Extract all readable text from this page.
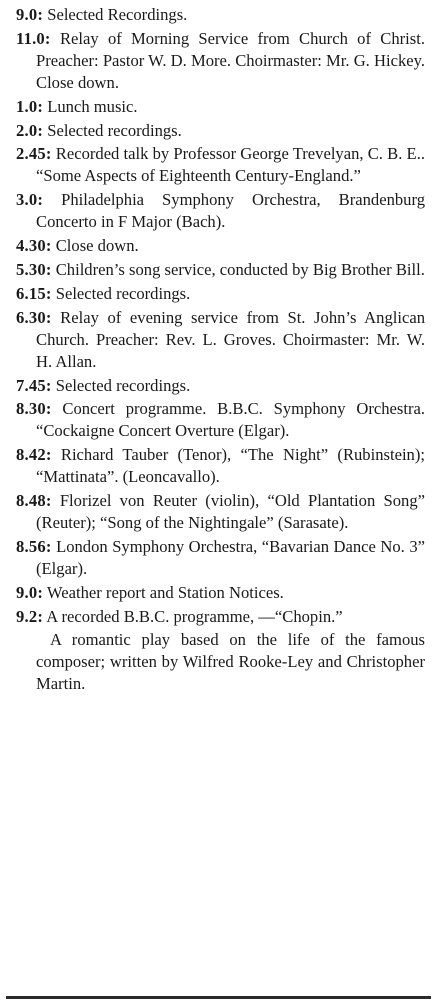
9.0: Selected Recordings.

11.0: Relay of Morning Service from Church of Christ. Preacher: Pastor W. D. More. Choirmaster: Mr. G. Hickey. Close down.

1.0: Lunch music.

2.0: Selected recordings.

2.45: Recorded talk by Professor George Trevelyan, C. B. E.. “Some Aspects of Eighteenth Century-England.”

3.0: Philadelphia Symphony Orchestra, Brandenburg Concerto in F Major (Bach).

4.30: Close down.

5.30: Children’s song service, conducted by Big Brother Bill.

6.15: Selected recordings.

6.30: Relay of evening service from St. John’s Anglican Church. Preacher: Rev. L. Groves. Choirmaster: Mr. W. H. Allan.

7.45: Selected recordings.

8.30: Concert programme. B.B.C. Symphony Orchestra. “Cockaigne Concert Overture (Elgar).

8.42: Richard Tauber (Tenor), “The Night” (Rubinstein); “Mattinata”. (Leoncavallo).

8.48: Florizel von Reuter (violin), “Old Plantation Song” (Reuter); “Song of the Nightingale” (Sarasate).

8.56: London Symphony Orchestra, “Bavarian Dance No. 3” (Elgar).

9.0: Weather report and Station Notices.

9.2: A recorded B.B.C. programme, —“Chopin.”

A romantic play based on the life of the famous composer; written by Wilfred Rooke-Ley and Christopher Martin.
